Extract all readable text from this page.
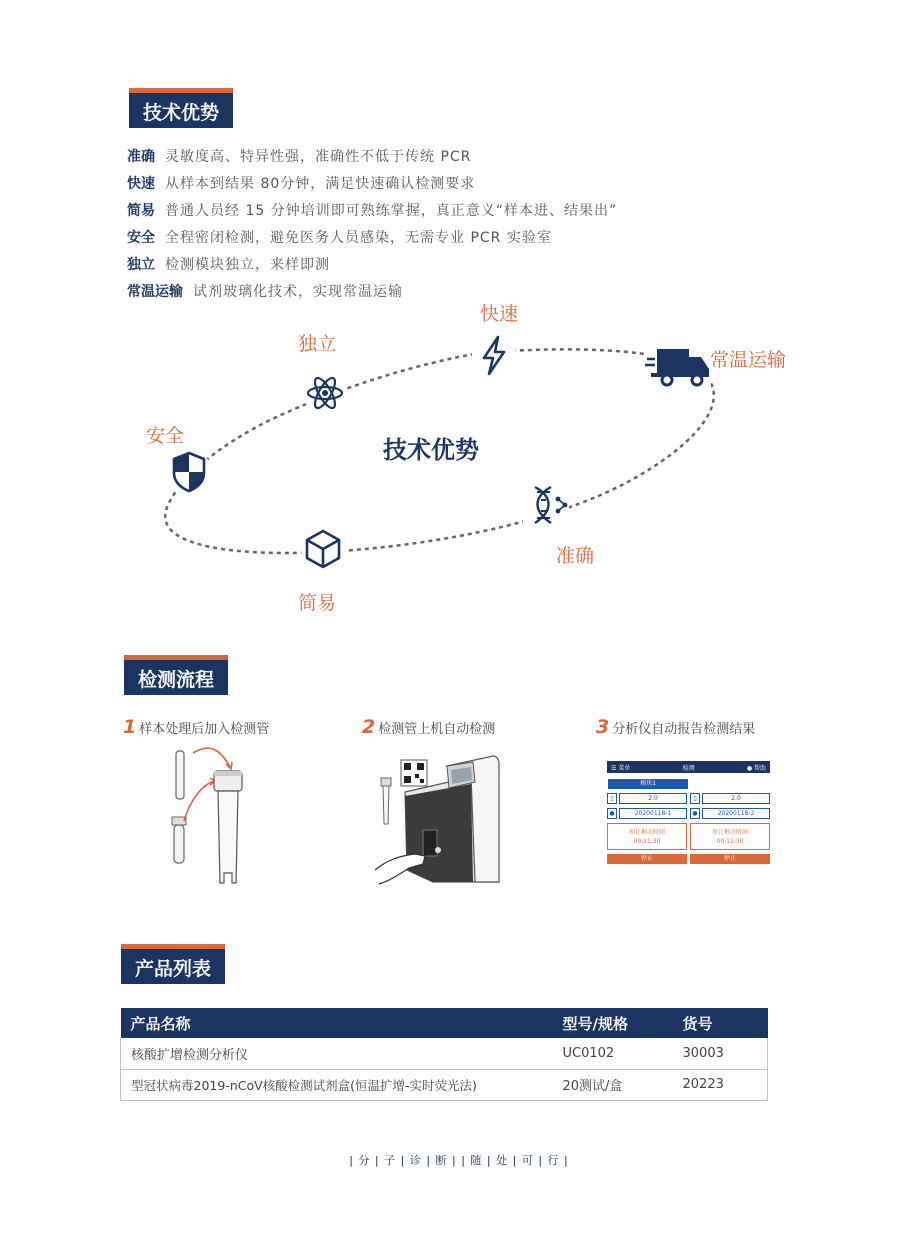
技术优势
准确 灵敏度高、特异性强，准确性不低于传统 PCR
快速 从样本到结果 80分钟，满足快速确认检测要求
简易 普通人员经 15 分钟培训即可熟练掌握，真正意义“样本进、结果出”
安全 全程密闭检测，避免医务人员感染，无需专业 PCR 实验室
独立 检测模块独立，来样即测
常温运输 试剂玻璃化技术，实现常温运输
快速
独立
常温运输
安全
准确
简易
技术优势
检测流程
1 样本处理后加入检测管	2 检测管上机自动检测	3 分析仪自动报告检测结果
☰ 菜单	检测	● 帮助
模块1
▯	2.0	▯	2.0
●	20200118-1	●	20200118-2
预计剩余时间
00:11:30
预计剩余时间
00:11:30
停止	停止
产品列表
产品名称	型号/规格	货号
核酸扩增检测分析仪	UC0102	30003
型冠状病毒2019-nCoV核酸检测试剂盒(恒温扩增-实时荧光法)	20测试/盒	20223
| 分 | 子 | 诊 | 断 | | 随 | 处 | 可 | 行 |
